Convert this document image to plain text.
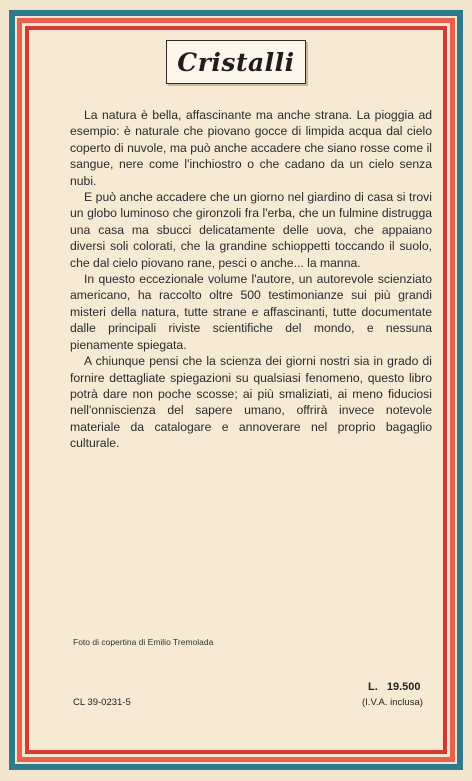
Cristalli

La natura è bella, affascinante ma anche strana. La pioggia ad esempio: è naturale che piovano gocce di limpida acqua dal cielo coperto di nuvole, ma può anche accadere che siano rosse come il sangue, nere come l'inchiostro o che cadano da un cielo senza nubi.

E può anche accadere che un giorno nel giardino di casa si trovi un globo luminoso che gironzoli fra l'erba, che un fulmine distrugga una casa ma sbucci delicatamente delle uova, che appaiano diversi soli colorati, che la grandine schioppetti toccando il suolo, che dal cielo piovano rane, pesci o anche... la manna.

In questo eccezionale volume l'autore, un autorevole scienziato americano, ha raccolto oltre 500 testimonianze sui più grandi misteri della natura, tutte strane e affascinanti, tutte documentate dalle principali riviste scientifiche del mondo, e nessuna pienamente spiegata.

A chiunque pensi che la scienza dei giorni nostri sia in grado di fornire dettagliate spiegazioni su qualsiasi fenomeno, questo libro potrà dare non poche scosse; ai più smaliziati, ai meno fiduciosi nell'onniscienza del sapere umano, offrirà invece notevole materiale da catalogare e annoverare nel proprio bagaglio culturale.

Foto di copertina di Emilio Tremolada
CL 39-0231-5
L. 19.500
(I.V.A. inclusa)
